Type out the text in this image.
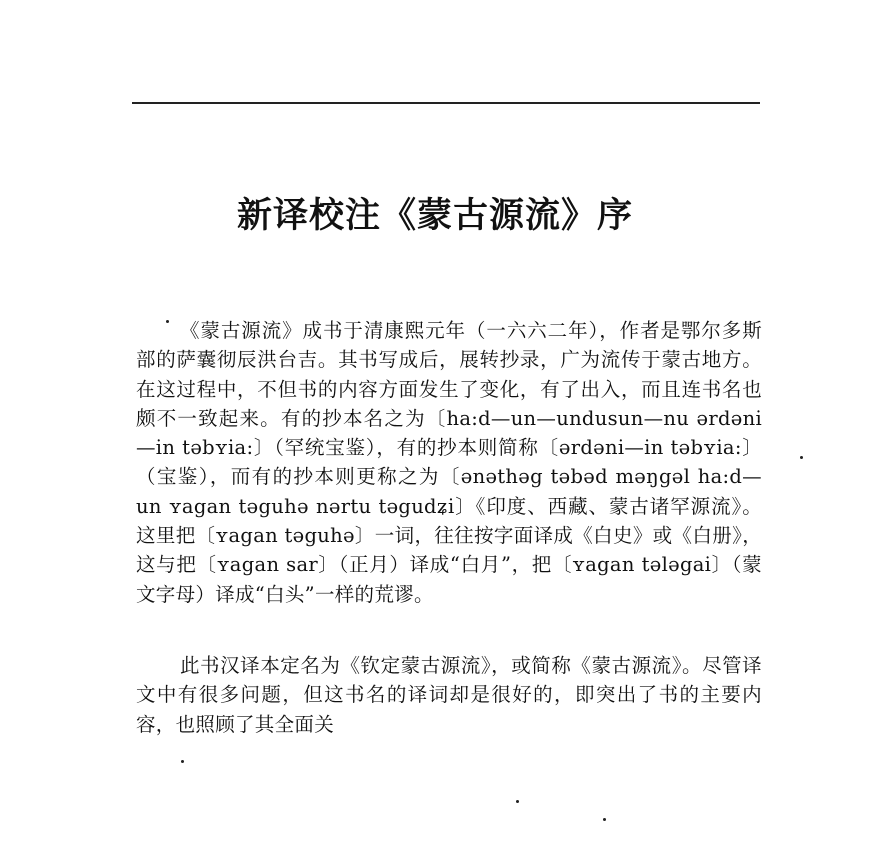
新译校注《蒙古源流》序

《蒙古源流》成书于清康熙元年（一六六二年），作者是鄂尔多斯部的萨囊彻辰洪台吉。其书写成后，展转抄录，广为流传于蒙古地方。在这过程中，不但书的内容方面发生了变化，有了出入，而且连书名也颇不一致起来。有的抄本名之为〔ha:d—un—undusun—nu ərdəni—in təbʏia:〕（罕统宝鉴），有的抄本则简称〔ərdəni—in təbʏia:〕（宝鉴），而有的抄本则更称之为〔ənəthəg təbəd məŋgəl ha:d—un ʏagan təguhə nərtu təgudʑi〕《印度、西藏、蒙古诸罕源流》。这里把〔ʏagan təguhə〕一词，往往按字面译成《白史》或《白册》，这与把〔ʏagan sar〕（正月）译成“白月”，把〔ʏagan tələgai〕（蒙文字母）译成“白头”一样的荒谬。

此书汉译本定名为《钦定蒙古源流》，或简称《蒙古源流》。尽管译文中有很多问题，但这书名的译词却是很好的，即突出了书的主要内容，也照顾了其全面关
